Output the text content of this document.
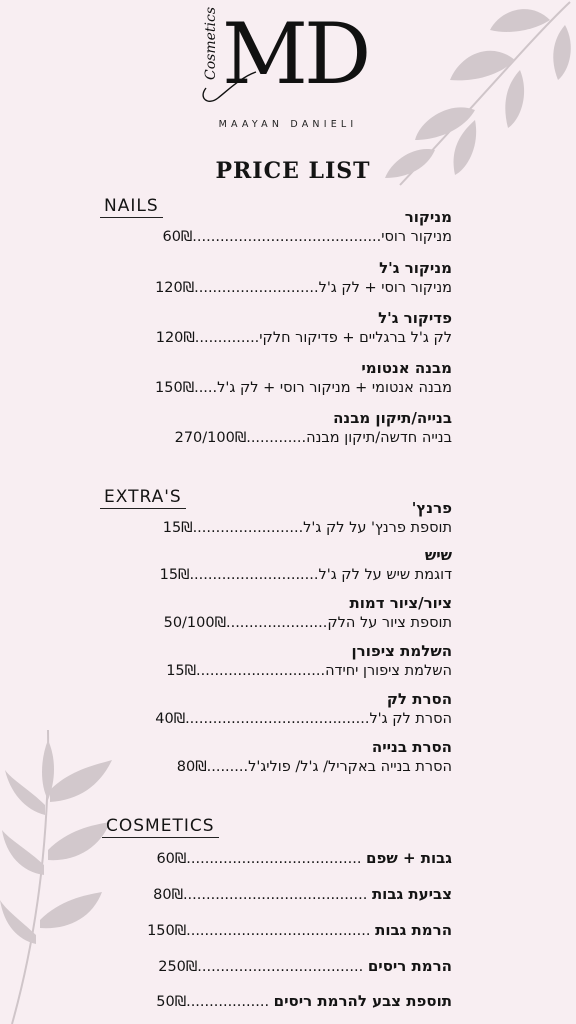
MD
Cosmetics
MAAYAN DANIELI
PRICE LIST
NAILS
מניקור
מניקור רוסי.........................................60₪
מניקור ג'ל
מניקור רוסי + לק ג'ל...........................120₪
פדיקור ג'ל
לק ג'ל ברגליים + פדיקור חלקי..............120₪
מבנה אנטומי
מבנה אנטומי + מניקור רוסי + לק ג'ל.....150₪
בנייה/תיקון מבנה
בנייה חדשה/תיקון מבנה.............270/100₪
EXTRA'S
פרנץ'
תוספת פרנץ' על לק ג'ל........................15₪
שיש
דוגמת שיש על לק ג'ל............................15₪
ציור/ציור דמות
תוספת ציור על הלק......................50/100₪
השלמת ציפורן
השלמת ציפורן יחידה............................15₪
הסרת לק
הסרת לק ג'ל........................................40₪
הסרת בנייה
הסרת בנייה באקריל/ ג'ל/ פוליג'ל.........80₪
COSMETICS
גבות + שפם ......................................60₪
צביעת גבות ........................................80₪
הרמת גבות ........................................150₪
הרמת ריסים ....................................250₪
תוספת צבע להרמת ריסים ..................50₪
